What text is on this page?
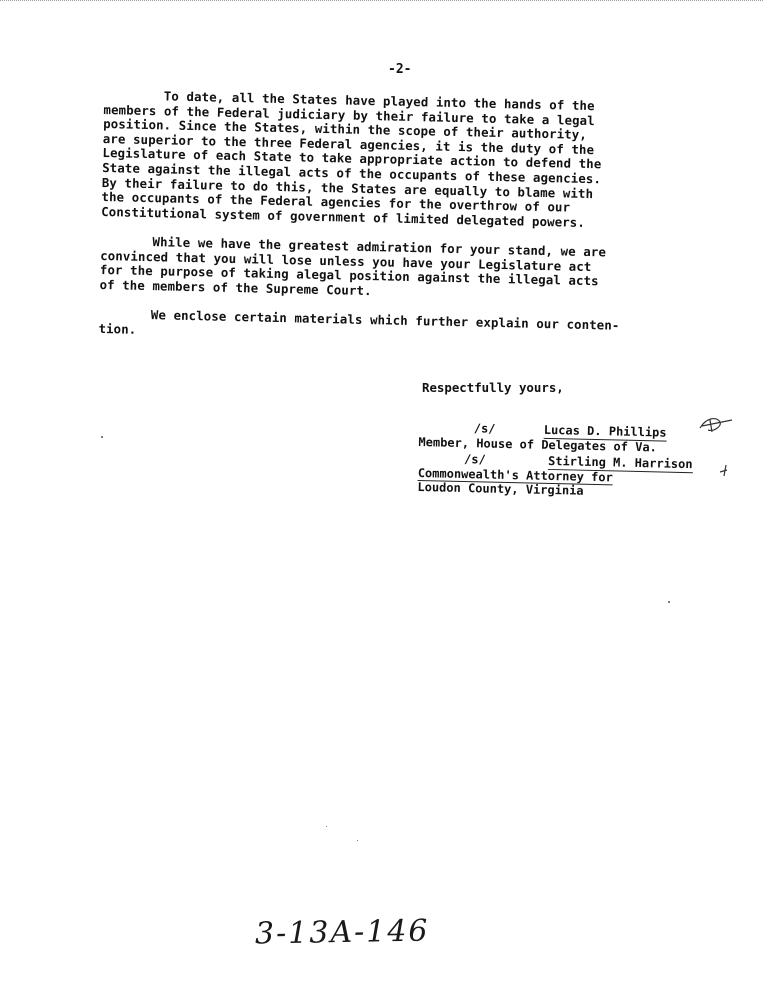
-2-

To date, all the States have played into the hands of the
members of the Federal judiciary by their failure to take a legal
position. Since the States, within the scope of their authority,
are superior to the three Federal agencies, it is the duty of the
Legislature of each State to take appropriate action to defend the
State against the illegal acts of the occupants of these agencies.
By their failure to do this, the States are equally to blame with
the occupants of the Federal agencies for the overthrow of our
Constitutional system of government of limited delegated powers.

While we have the greatest admiration for your stand, we are
convinced that you will lose unless you have your Legislature act
for the purpose of taking alegal position against the illegal acts
of the members of the Supreme Court.

We enclose certain materials which further explain our conten-
tion.

Respectfully yours,
/s/	Lucas D. Phillips
Member, House of Delegates of Va.
/s/	Stirling M. Harrison
Commonwealth's Attorney for
Loudon County, Virginia
3-13A-146
